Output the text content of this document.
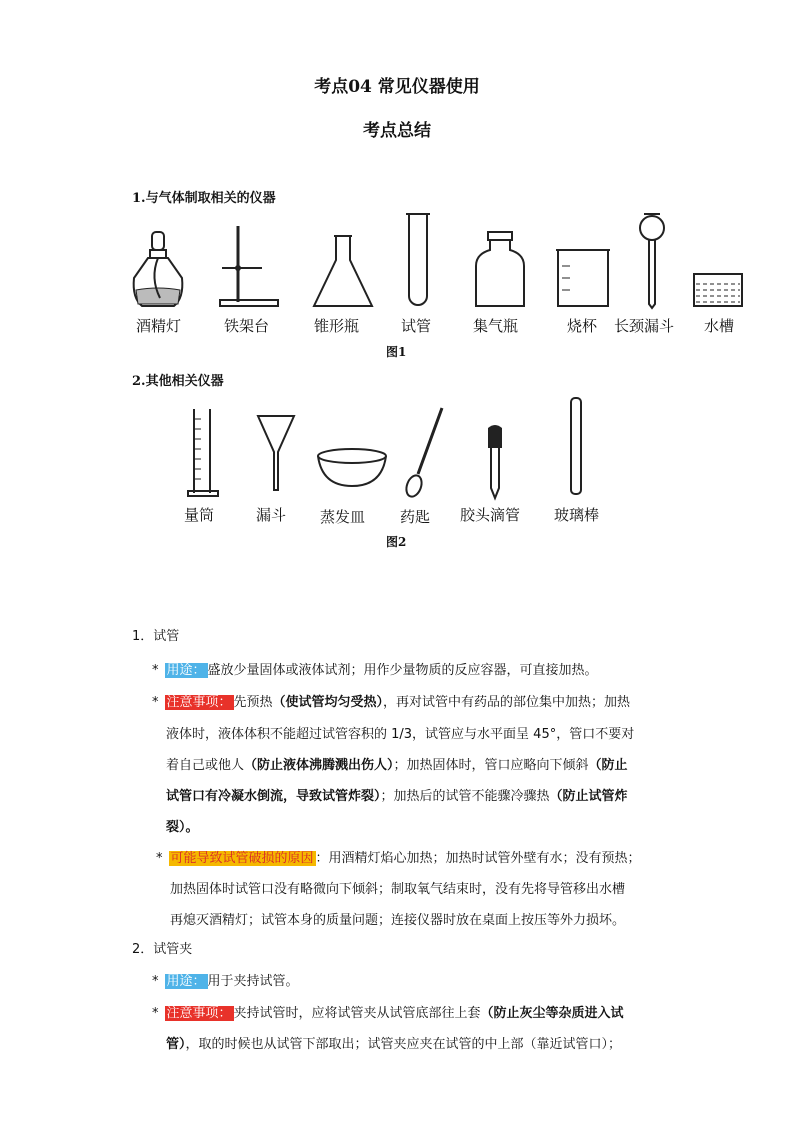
考点04 常见仪器使用
考点总结
1.与气体制取相关的仪器
酒精灯	铁架台	锥形瓶	试管	集气瓶	烧杯 长颈漏斗 水槽
图1
2.其他相关仪器
量筒	漏斗 蒸发皿 药匙 胶头滴管 玻璃棒
图2
1．试管
* 用途： 盛放少量固体或液体试剂；用作少量物质的反应容器，可直接加热。
* 注意事项： 先预热（使试管均匀受热），再对试管中有药品的部位集中加热；加热
液体时，液体体积不能超过试管容积的 1/3，试管应与水平面呈 45°，管口不要对
着自己或他人（防止液体沸腾溅出伤人）；加热固体时，管口应略向下倾斜（防止
试管口有冷凝水倒流，导致试管炸裂）；加热后的试管不能骤冷骤热（防止试管炸
裂）。
* 可能导致试管破损的原因 ：用酒精灯焰心加热；加热时试管外壁有水；没有预热；
加热固体时试管口没有略微向下倾斜；制取氧气结束时，没有先将导管移出水槽
再熄灭酒精灯；试管本身的质量问题；连接仪器时放在桌面上按压等外力损坏。
2．试管夹
* 用途： 用于夹持试管。
* 注意事项： 夹持试管时，应将试管夹从试管底部往上套（防止灰尘等杂质进入试
管），取的时候也从试管下部取出；试管夹应夹在试管的中上部（靠近试管口）；
